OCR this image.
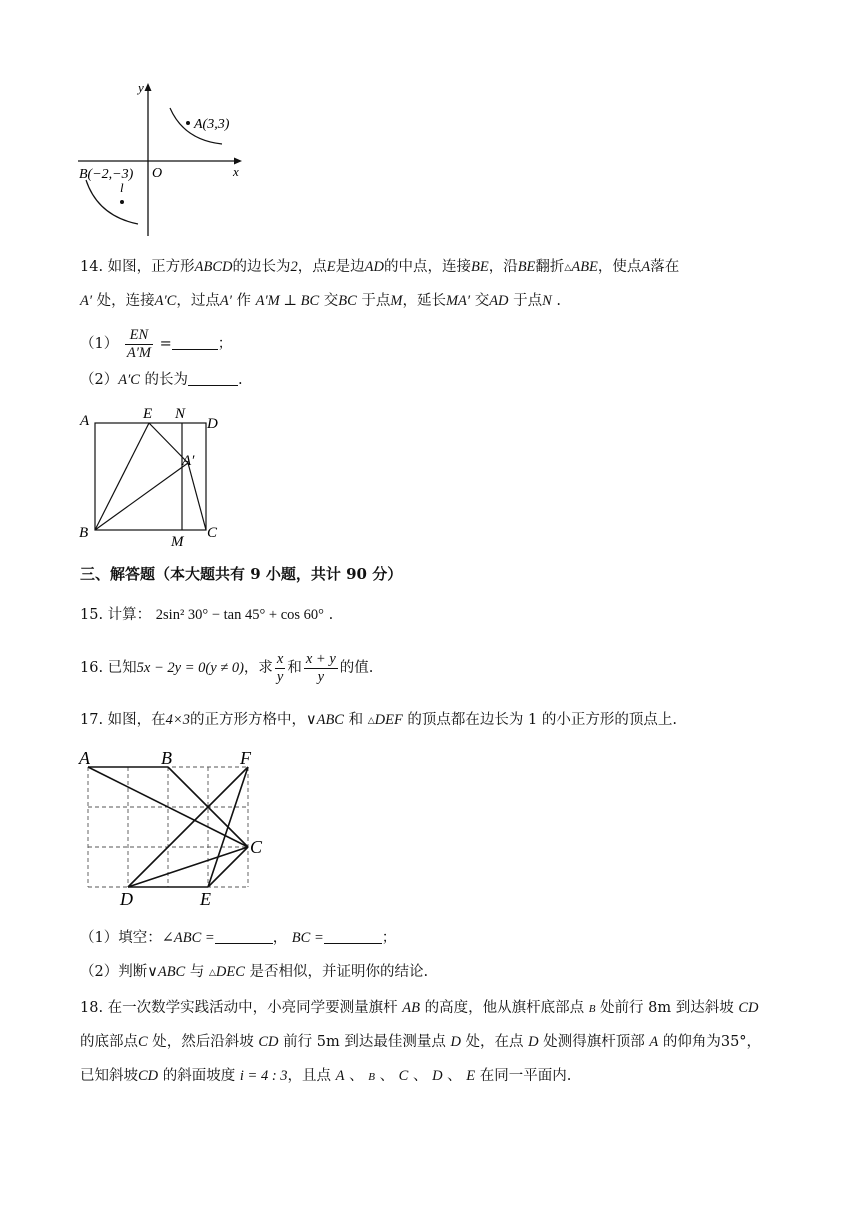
y
x
O
A(3,3)
B(−2,−3)
l
14. 如图，正方形ABCD的边长为2，点E是边AD的中点，连接BE，沿BE翻折△ABE，使点A落在
A′ 处，连接A′C，过点A′ 作 A′M ⊥ BC 交BC 于点M，延长MA′ 交AD 于点N .
$(1) \frac{EN}{A'M}$ =	；
（2）A′C 的长为	.
A	E N
D
A′
B
M
C
三、解答题（本大题共有 9 小题，共计 90 分）
15. 计算： 2sin² 30° − tan 45° + cos 60° .
16. 已知5x − 2y = 0(y ≠ 0)，求 $\frac{x}{y}$ 和 $\frac{x + y}{y}$ 的值.
17. 如图，在4×3的正方形方格中，∨ABC 和 △DEF 的顶点都在边长为 1 的小正方形的顶点上.
A	B	F
C
D	E
（1）填空：∠ABC =	， BC =	；
（2）判断∨ABC 与 △DEC 是否相似，并证明你的结论.
18. 在一次数学实践活动中，小亮同学要测量旗杆 AB 的高度，他从旗杆底部点 B 处前行 8m 到达斜坡 CD
的底部点C 处，然后沿斜坡 CD 前行 5m 到达最佳测量点 D 处，在点 D 处测得旗杆顶部 A 的仰角为35°，
已知斜坡CD 的斜面坡度 i = 4 : 3，且点 A 、 B 、 C 、 D 、 E 在同一平面内.
